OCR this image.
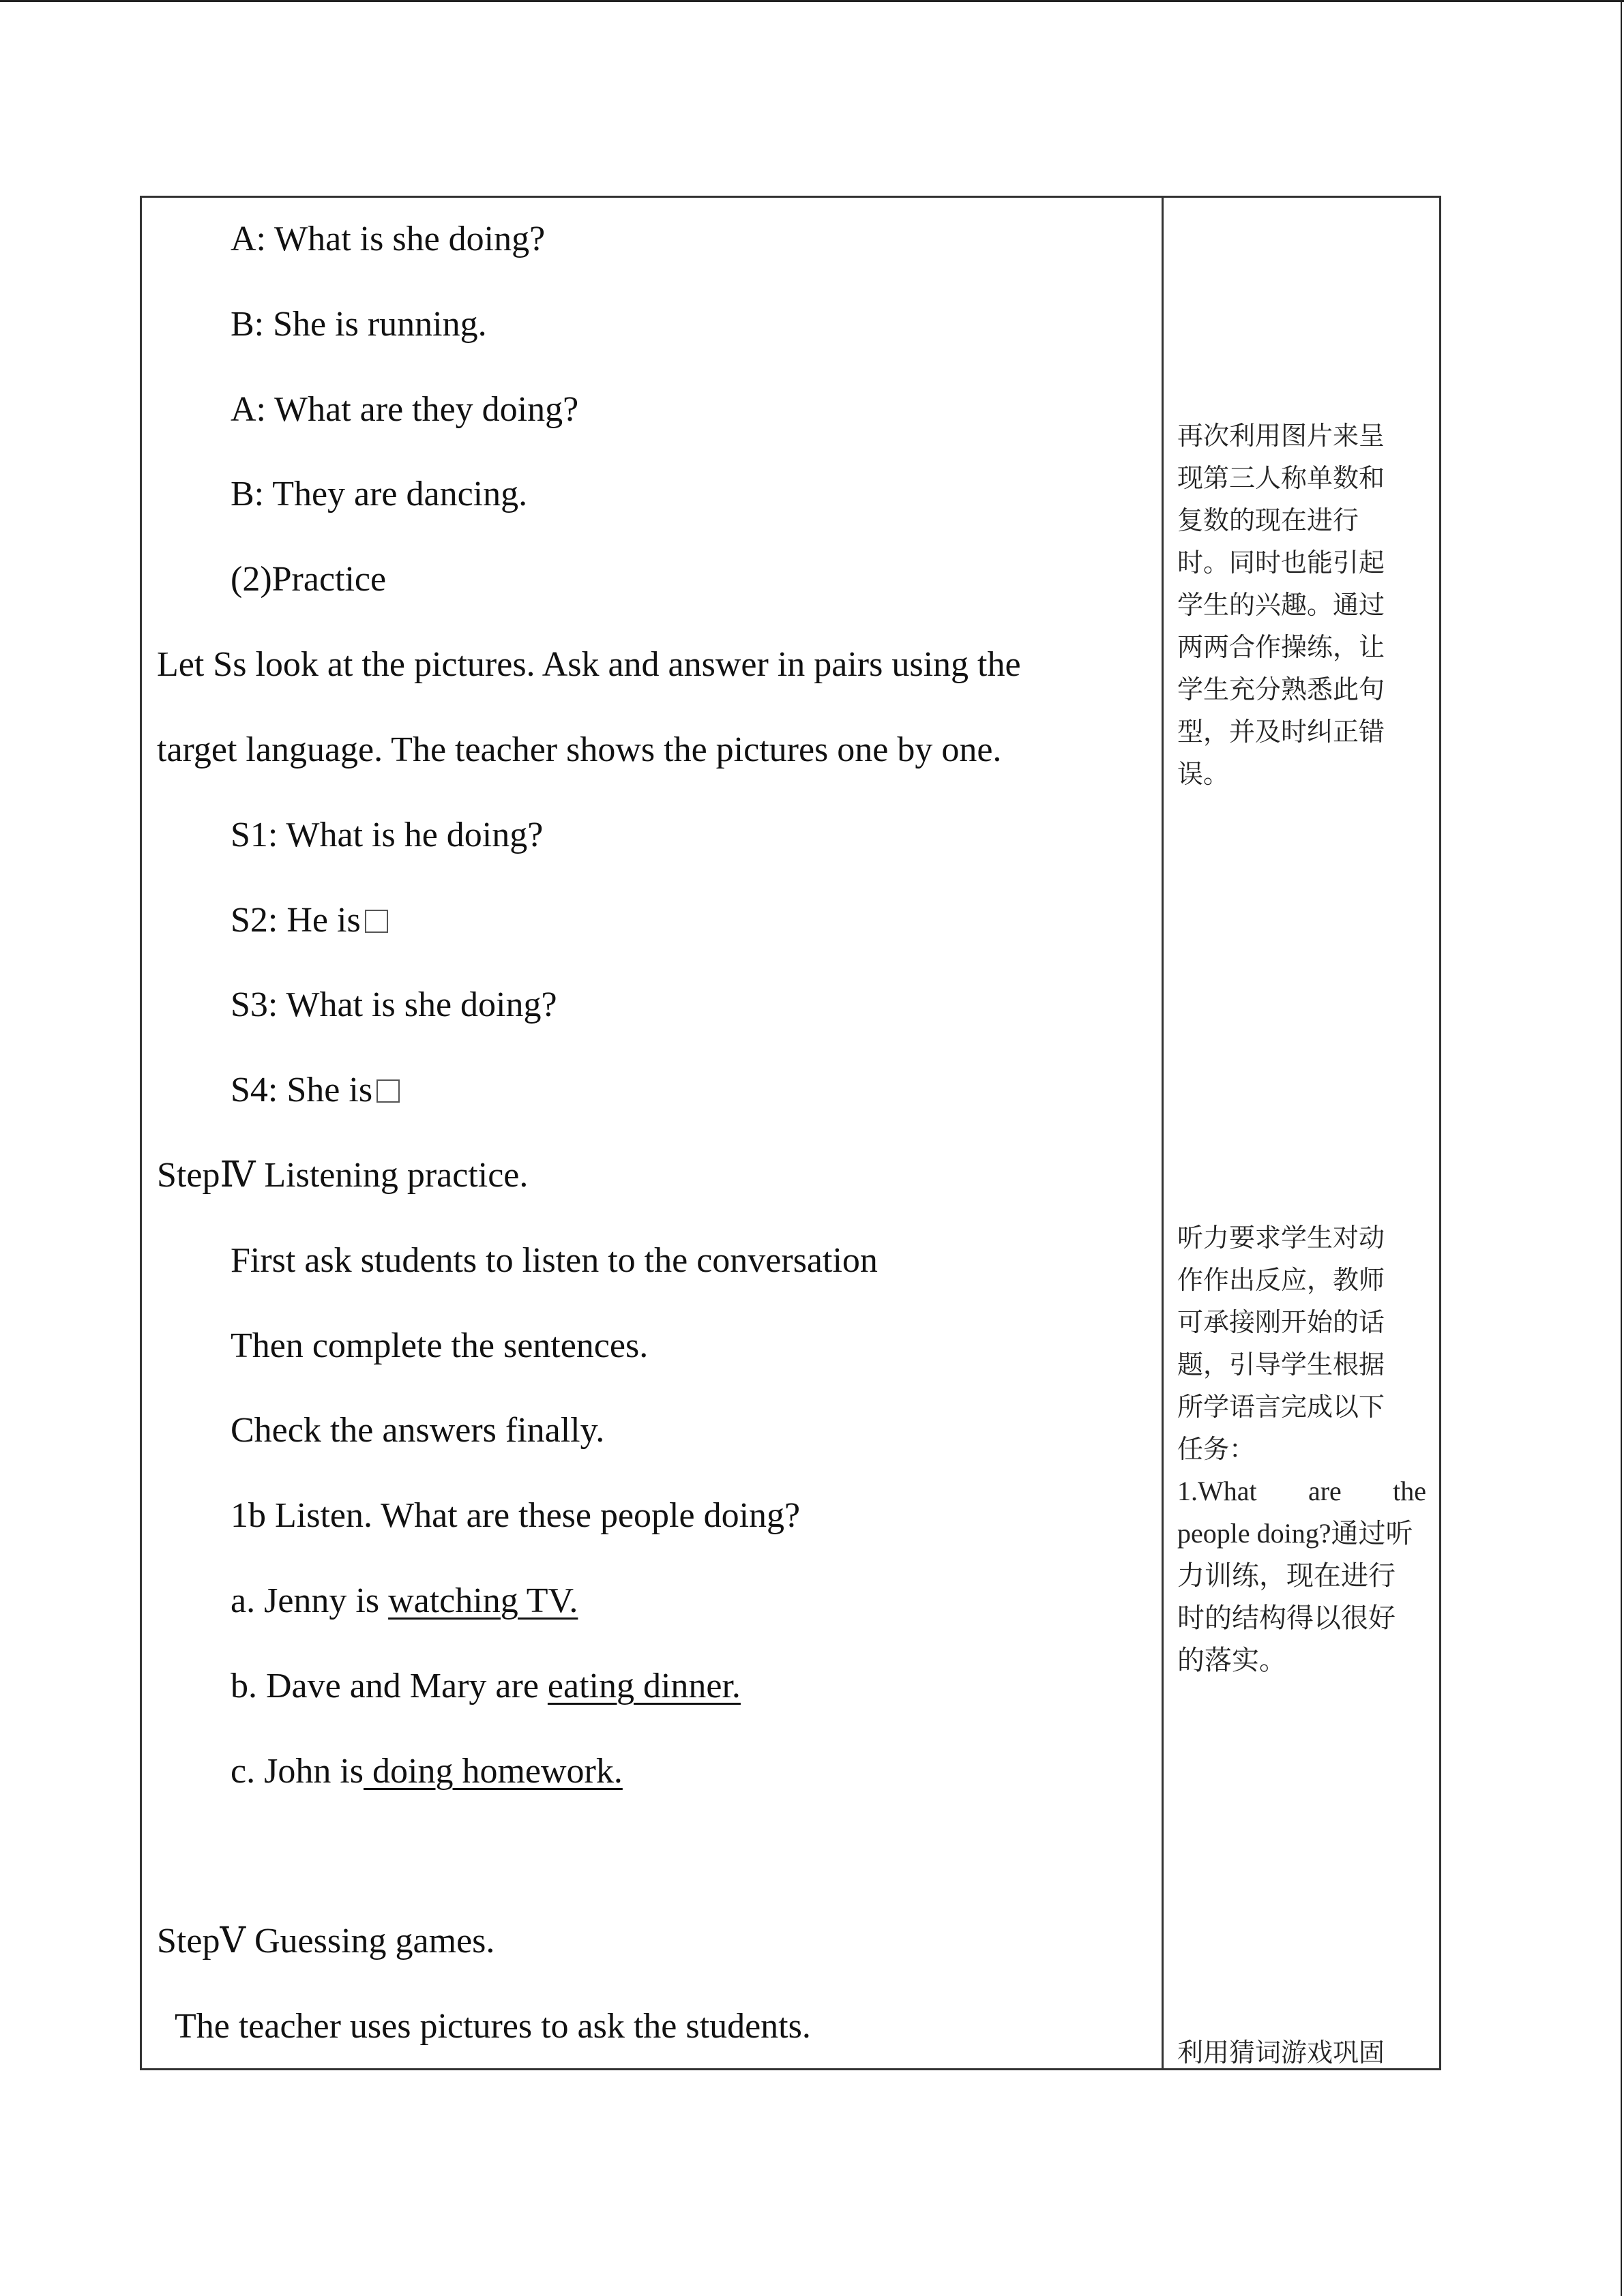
A: What is she doing?
B: She is running.
A: What are they doing?
B: They are dancing.
(2)Practice
Let Ss look at the pictures. Ask and answer in pairs using the
target language. The teacher shows the pictures one by one.
S1: What is he doing?
S2: He is
S3: What is she doing?
S4: She is
StepⅣ Listening practice.
First ask students to listen to the conversation
Then complete the sentences.
Check the answers finally.
1b Listen. What are these people doing?
a. Jenny is watching TV.
b. Dave and Mary are eating dinner.
c. John is doing homework.
StepⅤ Guessing games.
The teacher uses pictures to ask the students.
再次利用图片来呈
现第三人称单数和
复数的现在进行
时。同时也能引起
学生的兴趣。通过
两两合作操练，让
学生充分熟悉此句
型，并及时纠正错
误。
听力要求学生对动
作作出反应，教师
可承接刚开始的话
题，引导学生根据
所学语言完成以下
任务：
1.What are the
people doing?通过听
力训练，现在进行
时的结构得以很好
的落实。
利用猜词游戏巩固
